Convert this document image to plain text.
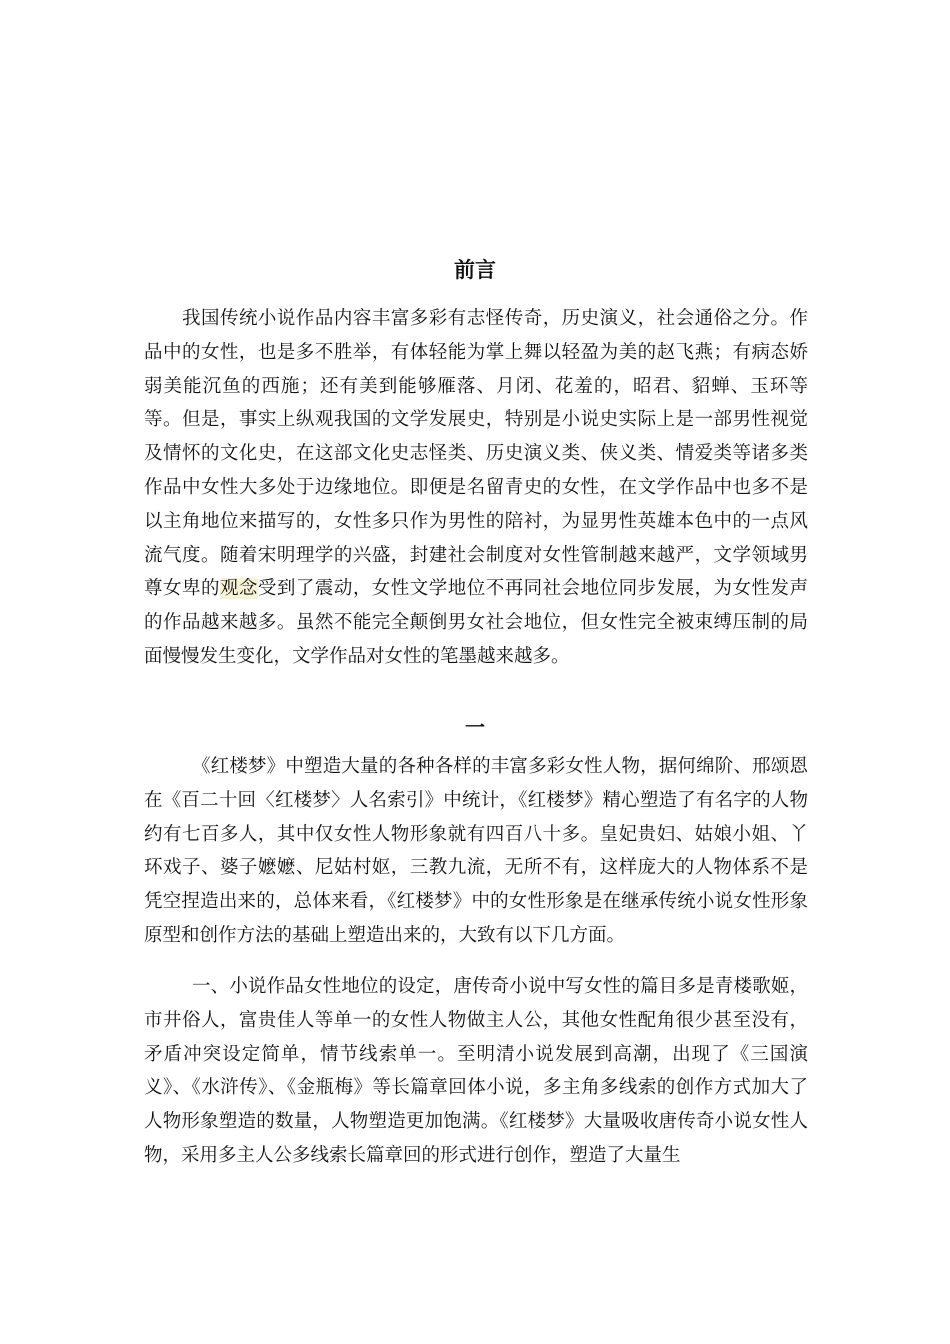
前言

我国传统小说作品内容丰富多彩有志怪传奇，历史演义，社会通俗之分。作品中的女性，也是多不胜举，有体轻能为掌上舞以轻盈为美的赵飞燕；有病态娇弱美能沉鱼的西施；还有美到能够雁落、月闭、花羞的，昭君、貂蝉、玉环等等。但是，事实上纵观我国的文学发展史，特别是小说史实际上是一部男性视觉及情怀的文化史，在这部文化史志怪类、历史演义类、侠义类、情爱类等诸多类作品中女性大多处于边缘地位。即便是名留青史的女性，在文学作品中也多不是以主角地位来描写的，女性多只作为男性的陪衬，为显男性英雄本色中的一点风流气度。随着宋明理学的兴盛，封建社会制度对女性管制越来越严，文学领域男尊女卑的观念受到了震动，女性文学地位不再同社会地位同步发展，为女性发声的作品越来越多。虽然不能完全颠倒男女社会地位，但女性完全被束缚压制的局面慢慢发生变化，文学作品对女性的笔墨越来越多。

一

《红楼梦》中塑造大量的各种各样的丰富多彩女性人物，据何绵阶、邢颂恩在《百二十回〈红楼梦〉人名索引》中统计，《红楼梦》精心塑造了有名字的人物约有七百多人，其中仅女性人物形象就有四百八十多。皇妃贵妇、姑娘小姐、丫环戏子、婆子嬷嬷、尼姑村妪，三教九流，无所不有，这样庞大的人物体系不是凭空捏造出来的，总体来看，《红楼梦》中的女性形象是在继承传统小说女性形象原型和创作方法的基础上塑造出来的，大致有以下几方面。

一、小说作品女性地位的设定，唐传奇小说中写女性的篇目多是青楼歌姬，市井俗人，富贵佳人等单一的女性人物做主人公，其他女性配角很少甚至没有，矛盾冲突设定简单，情节线索单一。至明清小说发展到高潮，出现了《三国演义》、《水浒传》、《金瓶梅》等长篇章回体小说，多主角多线索的创作方式加大了人物形象塑造的数量，人物塑造更加饱满。《红楼梦》大量吸收唐传奇小说女性人物，采用多主人公多线索长篇章回的形式进行创作，塑造了大量生
